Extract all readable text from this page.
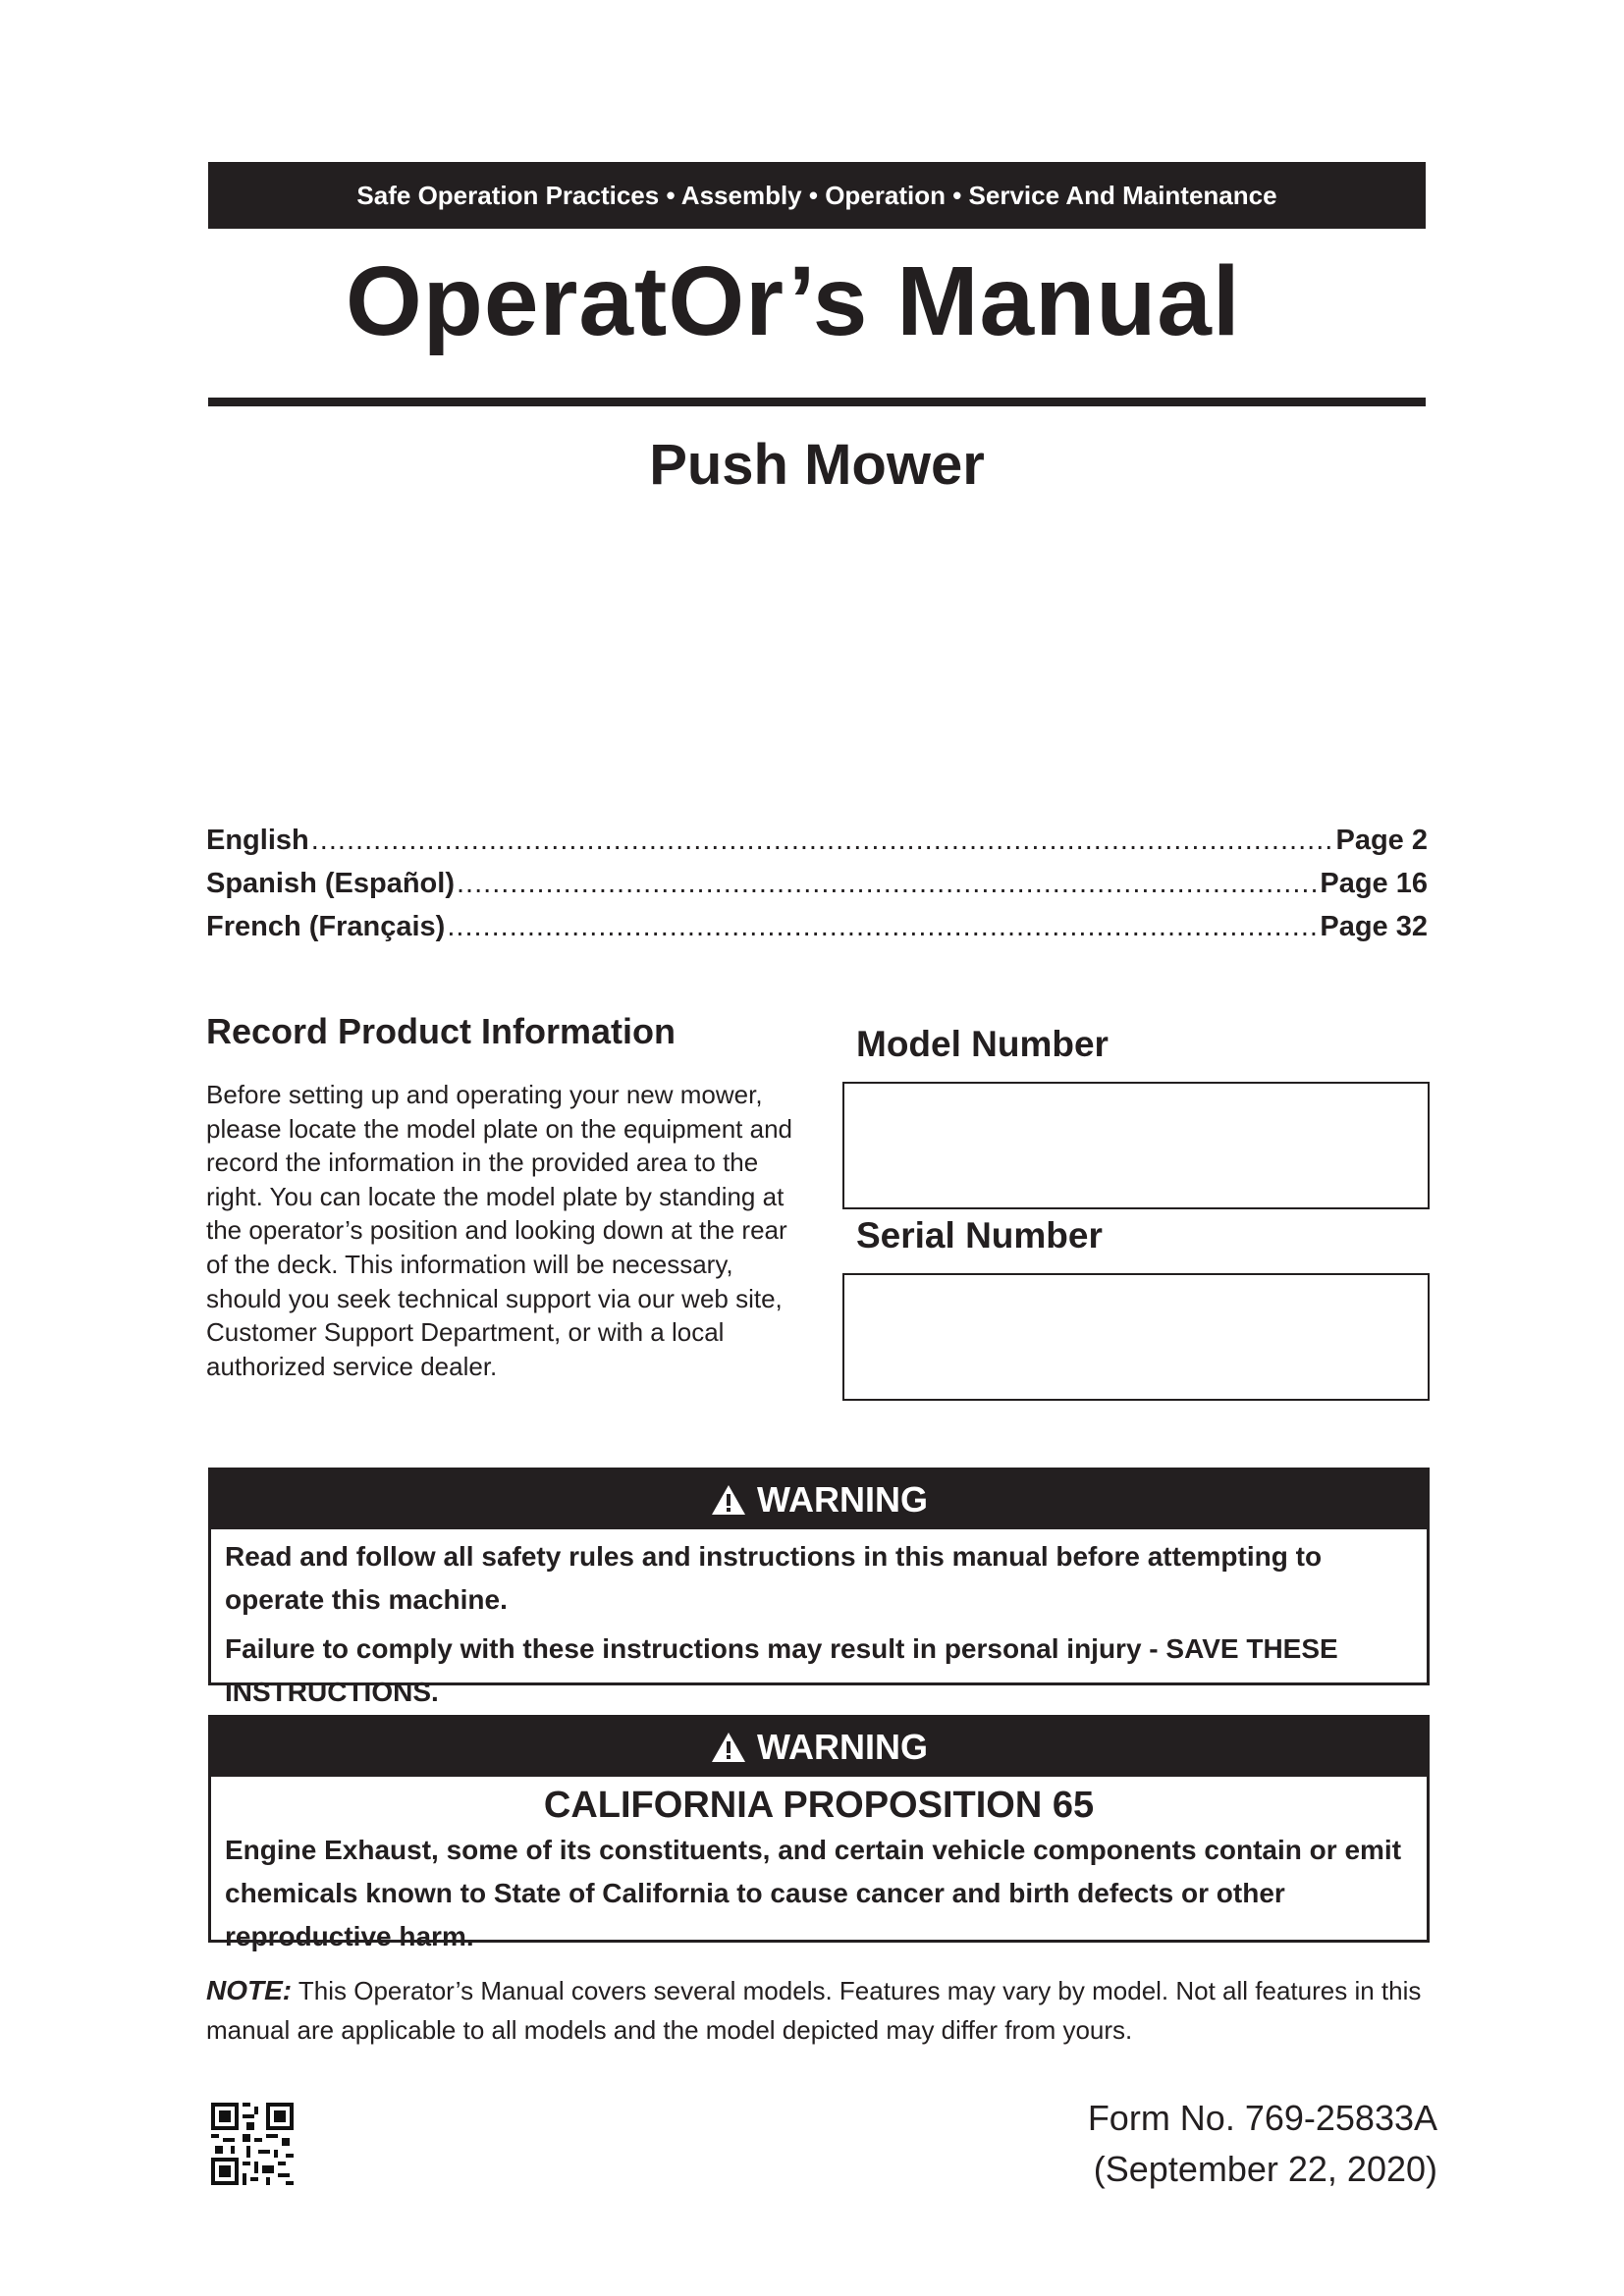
Safe Operation Practices • Assembly • Operation • Service And Maintenance
OperatOr’s Manual
Push Mower
English .....	Page 2
Spanish (Español) .....	Page 16
French (Français) .....	Page 32
Record Product Information
Before setting up and operating your new mower, please locate the model plate on the equipment and record the information in the provided area to the right. You can locate the model plate by standing at the operator’s position and looking down at the rear of the deck. This information will be necessary, should you seek technical support via our web site, Customer Support Department, or with a local authorized service dealer.
Model Number
Serial Number
WARNING
Read and follow all safety rules and instructions in this manual before attempting to operate this machine.
Failure to comply with these instructions may result in personal injury - SAVE THESE INSTRUCTIONS.
WARNING
CALIFORNIA PROPOSITION 65
Engine Exhaust, some of its constituents, and certain vehicle components contain or emit chemicals known to State of California to cause cancer and birth defects or other reproductive harm.
NOTE: This Operator’s Manual covers several models. Features may vary by model. Not all features in this manual are applicable to all models and the model depicted may differ from yours.
Form No. 769-25833A
(September 22, 2020)
